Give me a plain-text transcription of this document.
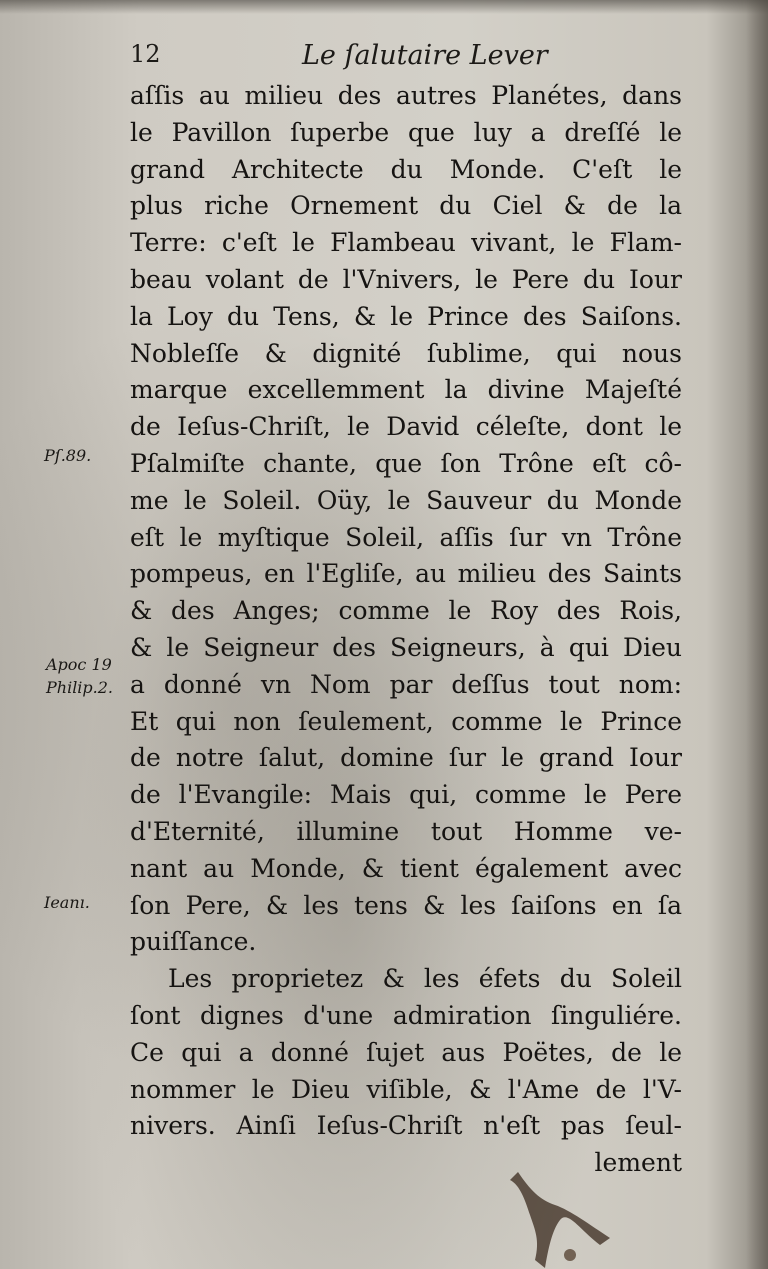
12	Le ſalutaire Lever
Pſ.89.
Apoc 19
Philip.2.
Ieanı.
aſſis au milieu des autres Planétes, dans
le Pavillon ſuperbe que luy a dreſſé le
grand Architecte du Monde. C'eſt le
plus riche Ornement du Ciel & de la
Terre: c'eſt le Flambeau vivant, le Flam-
beau volant de l'Vnivers, le Pere du Iour
la Loy du Tens, & le Prince des Saiſons.
Nobleſſe & dignité ſublime, qui nous
marque excellemment la divine Majeſté
de Ieſus-Chriſt, le David céleſte, dont le
Pſalmiſte chante, que ſon Trône eſt cô-
me le Soleil. Oüy, le Sauveur du Monde
eſt le myſtique Soleil, aſſis ſur vn Trône
pompeus, en l'Egliſe, au milieu des Saints
& des Anges; comme le Roy des Rois,
& le Seigneur des Seigneurs, à qui Dieu
a donné vn Nom par deſſus tout nom:
Et qui non ſeulement, comme le Prince
de notre ſalut, domine ſur le grand Iour
de l'Evangile: Mais qui, comme le Pere
d'Eternité, illumine tout Homme ve-
nant au Monde, & tient également avec
ſon Pere, & les tens & les ſaiſons en ſa
puiſſance.
Les proprietez & les éfets du Soleil
ſont dignes d'une admiration ſinguliére.
Ce qui a donné ſujet aus Poëtes, de le
nommer le Dieu viſible, & l'Ame de l'V-
nivers. Ainſi Ieſus-Chriſt n'eſt pas ſeul-
lement
